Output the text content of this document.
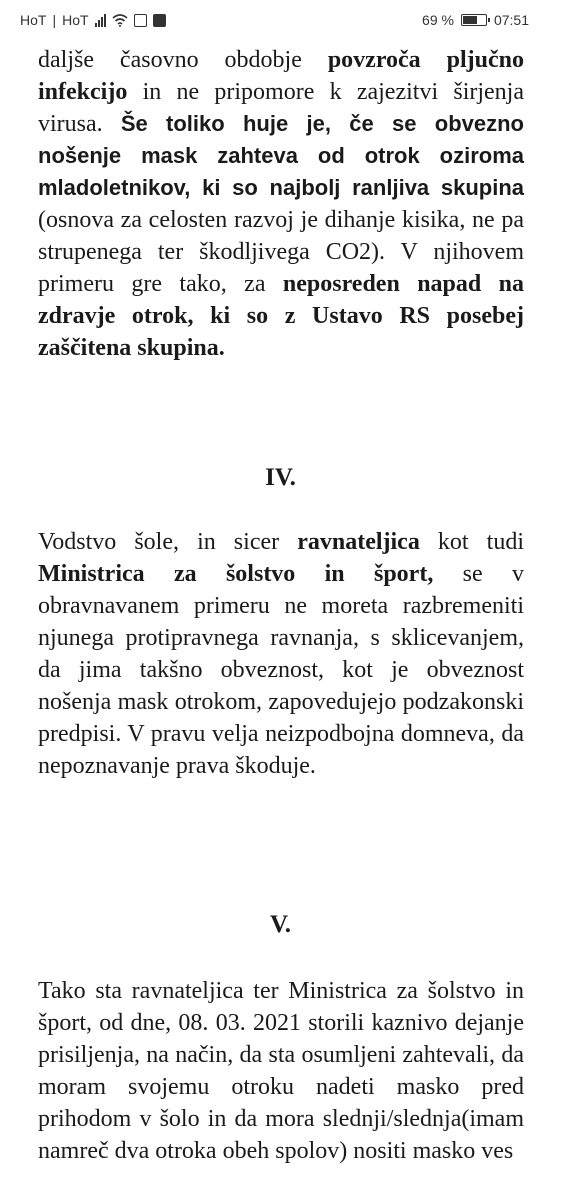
HoT | HoT	69 %	07:51

daljše časovno obdobje povzroča pljučno infekcijo in ne pripomore k zajezitvi širjenja virusa. Še toliko huje je, če se obvezno nošenje mask zahteva od otrok oziroma mladoletnikov, ki so najbolj ranljiva skupina (osnova za celosten razvoj je dihanje kisika, ne pa strupenega ter škodljivega CO2). V njihovem primeru gre tako, za neposreden napad na zdravje otrok, ki so z Ustavo RS posebej zaščitena skupina.

IV.

Vodstvo šole, in sicer ravnateljica kot tudi Ministrica za šolstvo in šport, se v obravnavanem primeru ne moreta razbremeniti njunega protipravnega ravnanja, s sklicevanjem, da jima takšno obveznost, kot je obveznost nošenja mask otrokom, zapovedujejo podzakonski predpisi. V pravu velja neizpodbojna domneva, da nepoznavanje prava škoduje.

V.

Tako sta ravnateljica ter Ministrica za šolstvo in šport, od dne, 08. 03. 2021 storili kaznivo dejanje prisiljenja, na način, da sta osumljeni zahtevali, da moram svojemu otroku nadeti masko pred prihodom v šolo in da mora slednji/slednja(imam namreč dva otroka obeh spolov) nositi masko ves
